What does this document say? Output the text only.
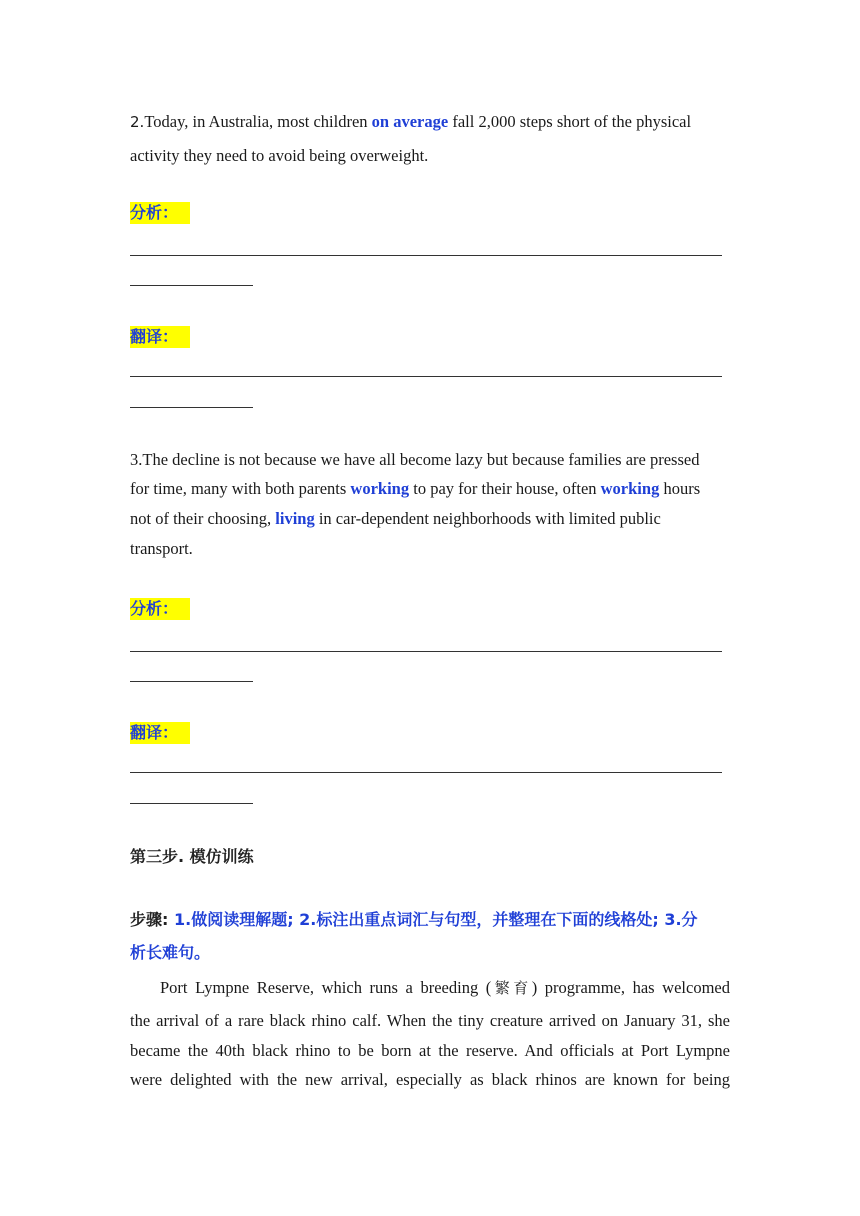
2.Today, in Australia, most children on average fall 2,000 steps short of the physical
activity they need to avoid being overweight.
分析：
翻译：
3.The decline is not because we have all become lazy but because families are pressed
for time, many with both parents working to pay for their house, often working hours
not of their choosing, living in car-dependent neighborhoods with limited public
transport.
分析：
翻译：
第三步. 模仿训练
步骤: 1.做阅读理解题; 2.标注出重点词汇与句型，并整理在下面的线格处; 3.分
析长难句。
Port Lympne Reserve, which runs a breeding (繁育) programme, has welcomed
the arrival of a rare black rhino calf. When the tiny creature arrived on January 31, she
became the 40th black rhino to be born at the reserve. And officials at Port Lympne
were delighted with the new arrival, especially as black rhinos are known for being
